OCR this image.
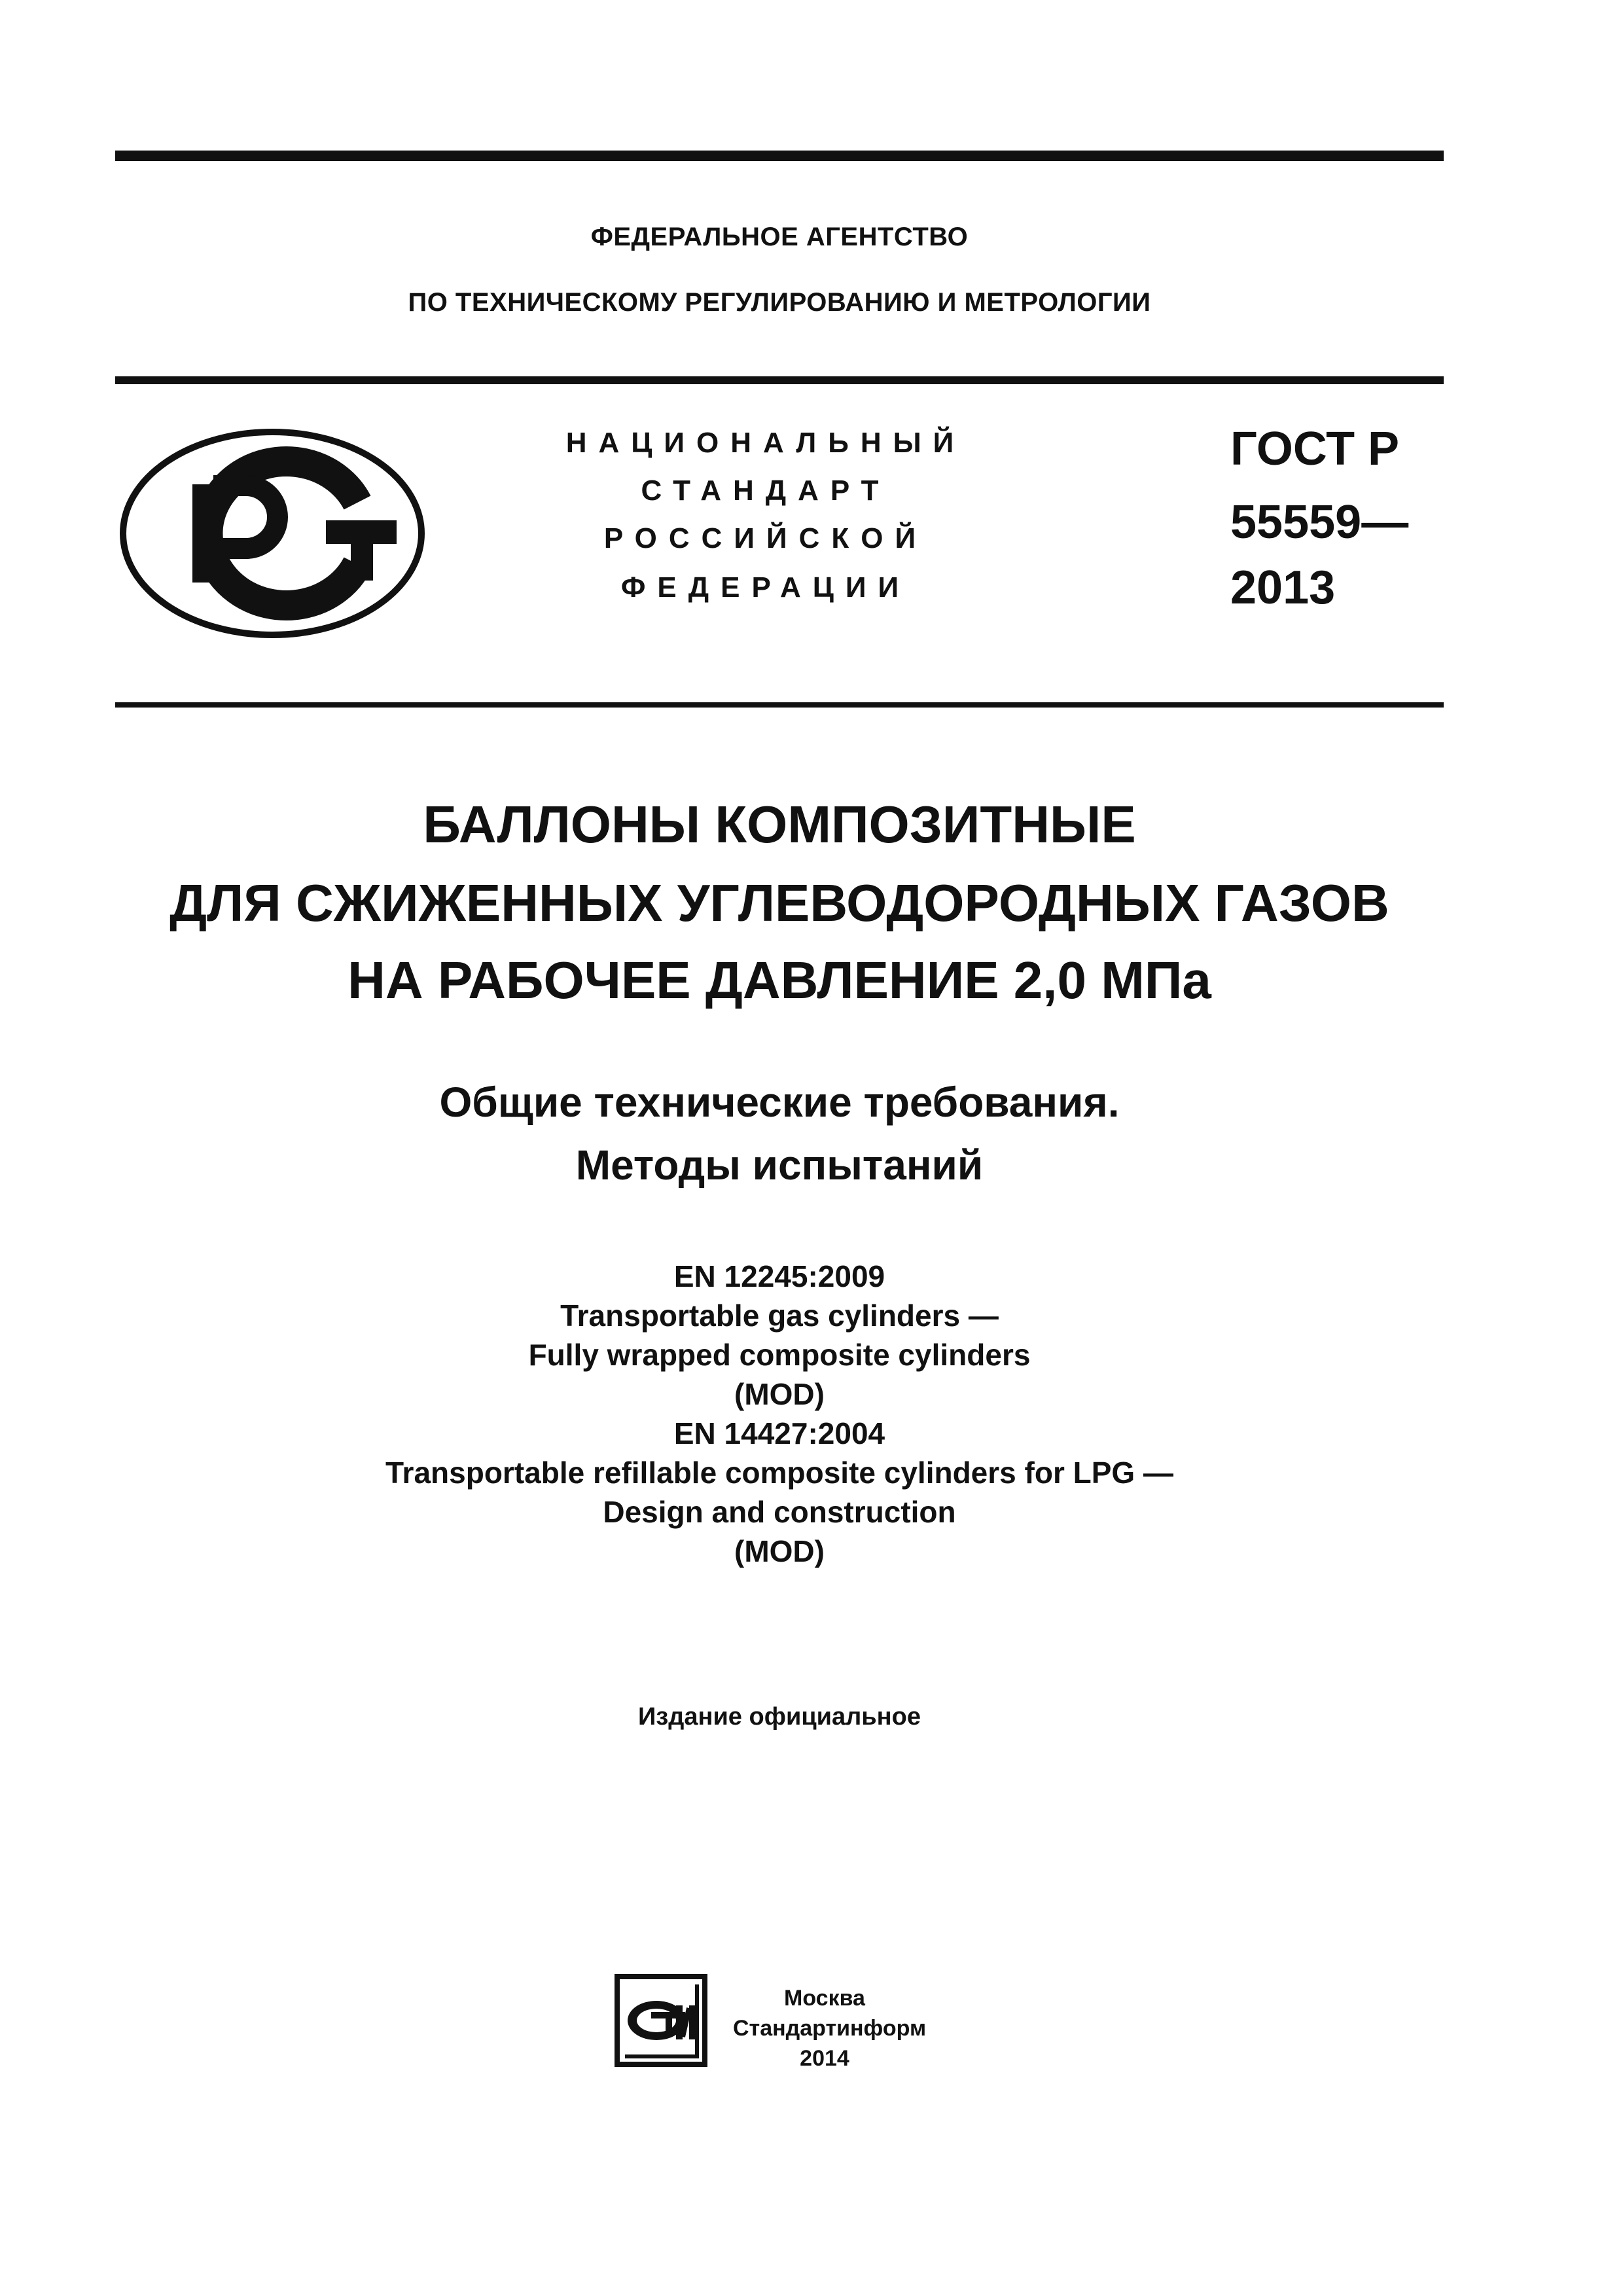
ФЕДЕРАЛЬНОЕ АГЕНТСТВО
ПО ТЕХНИЧЕСКОМУ РЕГУЛИРОВАНИЮ И МЕТРОЛОГИИ
НАЦИОНАЛЬНЫЙ
СТАНДАРТ
РОССИЙСКОЙ
ФЕДЕРАЦИИ
ГОСТ Р
55559—
2013
БАЛЛОНЫ КОМПОЗИТНЫЕ
ДЛЯ СЖИЖЕННЫХ УГЛЕВОДОРОДНЫХ ГАЗОВ
НА РАБОЧЕЕ ДАВЛЕНИЕ 2,0 МПа
Общие технические требования.
Методы испытаний
EN 12245:2009
Transportable gas cylinders —
Fully wrapped composite cylinders
(MOD)
EN 14427:2004
Transportable refillable composite cylinders for LPG —
Design and construction
(MOD)
Издание официальное
Москва
Стандартинформ
2014
